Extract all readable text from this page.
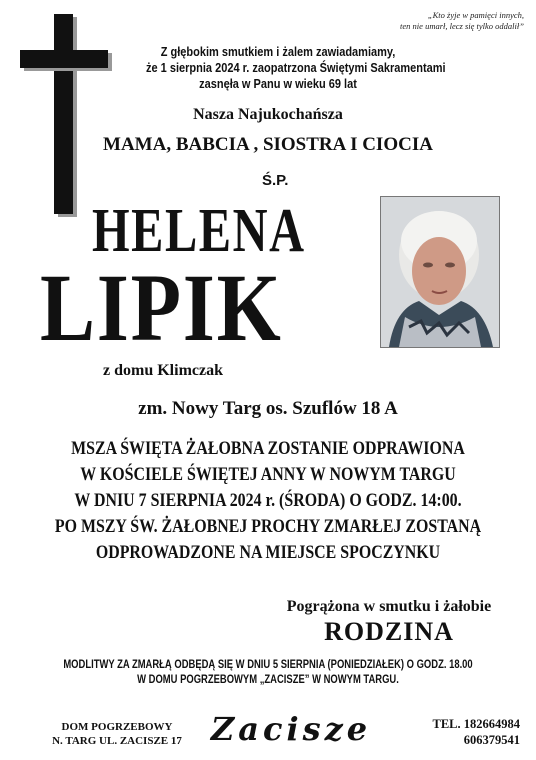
„Kto żyje w pamięci innych,
ten nie umarł, lecz się tylko oddalił”
Z głębokim smutkiem i żalem zawiadamiamy,
że 1 sierpnia 2024 r. zaopatrzona Świętymi Sakramentami
zasnęła w Panu w wieku 69 lat
Nasza Najukochańsza
MAMA, BABCIA , SIOSTRA I CIOCIA
Ś.P.
HELENA
LIPIK
z domu Klimczak
zm. Nowy Targ os. Szuflów 18 A
MSZA ŚWIĘTA ŻAŁOBNA ZOSTANIE ODPRAWIONA
W KOŚCIELE ŚWIĘTEJ ANNY W NOWYM TARGU
W DNIU 7 SIERPNIA 2024 r. (ŚRODA) O GODZ. 14:00.
PO MSZY ŚW. ŻAŁOBNEJ PROCHY ZMARŁEJ ZOSTANĄ
ODPROWADZONE NA MIEJSCE SPOCZYNKU
Pogrążona w smutku i żałobie
RODZINA
MODLITWY ZA ZMARŁĄ ODBĘDĄ SIĘ W DNIU 5 SIERPNIA (PONIEDZIAŁEK) O GODZ. 18.00
W DOMU POGRZEBOWYM „ZACISZE” W NOWYM TARGU.
DOM POGRZEBOWY
N. TARG UL. ZACISZE 17 Zacisze	TEL. 182664984
606379541
